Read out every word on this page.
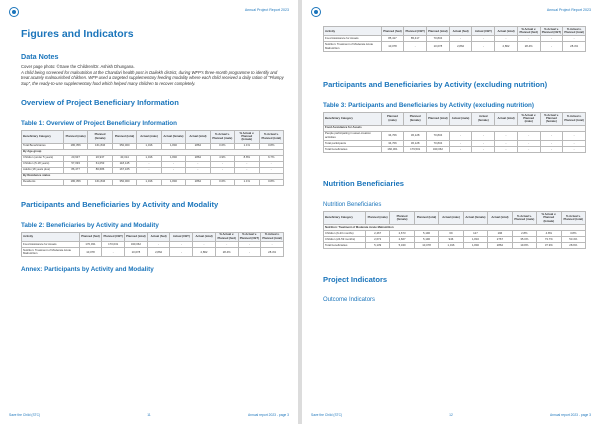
Annual Project Report 2023
Figures and Indicators
Data Notes
Cover page photo: ©Save the Children/Dr. Ashish Dhungana.
A child being screened for malnutrition at the Chandari health post in Dailekh district, during WFP's three-month programme to identify and treat acutely malnourished children. WFP used a targeted supplementary feeding modality where each child received a daily ration of "Plumpy Sup", the ready-to-use supplementary food which helped many children to recover completely.
Overview of Project Beneficiary Information
Table 1: Overview of Project Beneficiary Information
Beneficiary Category	Planned (male)	Planned (female)	Planned (total)	Actual (male)	Actual (female)	Actual (total)	% Actual v. Planned (male)	% Actual v. Planned (female)	% Actual v. Planned (total)
Total Beneficiaries	180,356	161,846	350,000	1,016	1,846	2862	0.6%	1.1%	0.8%
By Age-group									
Children (under 5 years)	20,937	20,937	40,314	1,016	1,846	2862	4.9%	8.8%	6.7%
Children (5-18 years)	57,093	61,053	118,145	-	-	-	-	-	-
Adults (18 years plus)	86,477	86,686	167,165	-	-	-	-	-	-
By Residence status									
Residents	180,356	161,846	350,000	1,016	1,846	2862	0.6%	1.1%	0.8%
Participants and Beneficiaries by Activity and Modality
Table 2: Beneficiaries by Activity and Modality
Activity	Planned (fwd)	Planned (CBT)	Planned (total)	Actual (fwd)	Actual (CBT)	Actual (total)	% Actual v. Planned (fwd)	% Actual v. Planned (CBT)	% Actual v. Planned (total)
Food Assistance for Assets	170,031	170,031	340,062	-	-	-	-	-	-
Nutrition: Treatment of Moderate Acute Malnutrition	10,078	-	10,078	2,862	-	2,862	28.4%	-	28.4%
Annex: Participants by Activity and Modality
Save the Child (STC)	11	Annual report 2023 - page 3
Annual Project Report 2023
Activity	Planned (fwd)	Planned (CBT)	Planned (total)	Actual (fwd)	Actual (CBT)	Actual (total)	% Actual v. Planned (fwd)	% Actual v. Planned (CBT)	% Actual v. Planned (total)
Food Assistance for Assets	85,417	85,417	70,834	-	-	-	-	-	-
Nutrition: Treatment of Moderate Acute Malnutrition	10,078	-	10,078	2,862	-	2,862	28.4%	-	28.4%
Participants and Beneficiaries by Activity (excluding nutrition)
Table 3: Participants and Beneficiaries by Activity (excluding nutrition)
Beneficiary Category	Planned (male)	Planned (female)	Planned (total)	Actual (male)	Actual (female)	Actual (total)	% Actual v. Planned (male)	% Actual v. Planned (female)	% Actual v. Planned (total)
Food Assistance for Assets									
People participating in asset-creation activities	34,706	36,128	70,834	-	-	-	-	-	-
Total participants	34,706	36,128	70,834	-	-	-	-	-	-
Total beneficiaries	160,301	179,501	340,062	-	-	-	-	-	-
Nutrition Beneficiaries
Nutrition Beneficiaries
Beneficiary Category	Planned (male)	Planned (female)	Planned (total)	Actual (male)	Actual (female)	Actual (total)	% Actual v. Planned (male)	% Actual v. Planned (female)	% Actual v. Planned (total)
Nutrition: Treatment of Moderate Acute Malnutrition									
Children (6-23 months)	2,467	2,673	5,190	69	127	196	2.8%	4.8%	3.8%
Children (24-59 months)	2,672	2,667	5,190	946	1,816	2767	35.0%	73.7%	53.4%
Total beneficiaries	5,139	5,340	10,078	1,016	1,846	2862	19.8%	37.9%	28.9%
Project Indicators
Outcome Indicators
Save the Child (STC)	12	Annual report 2023 - page 3
